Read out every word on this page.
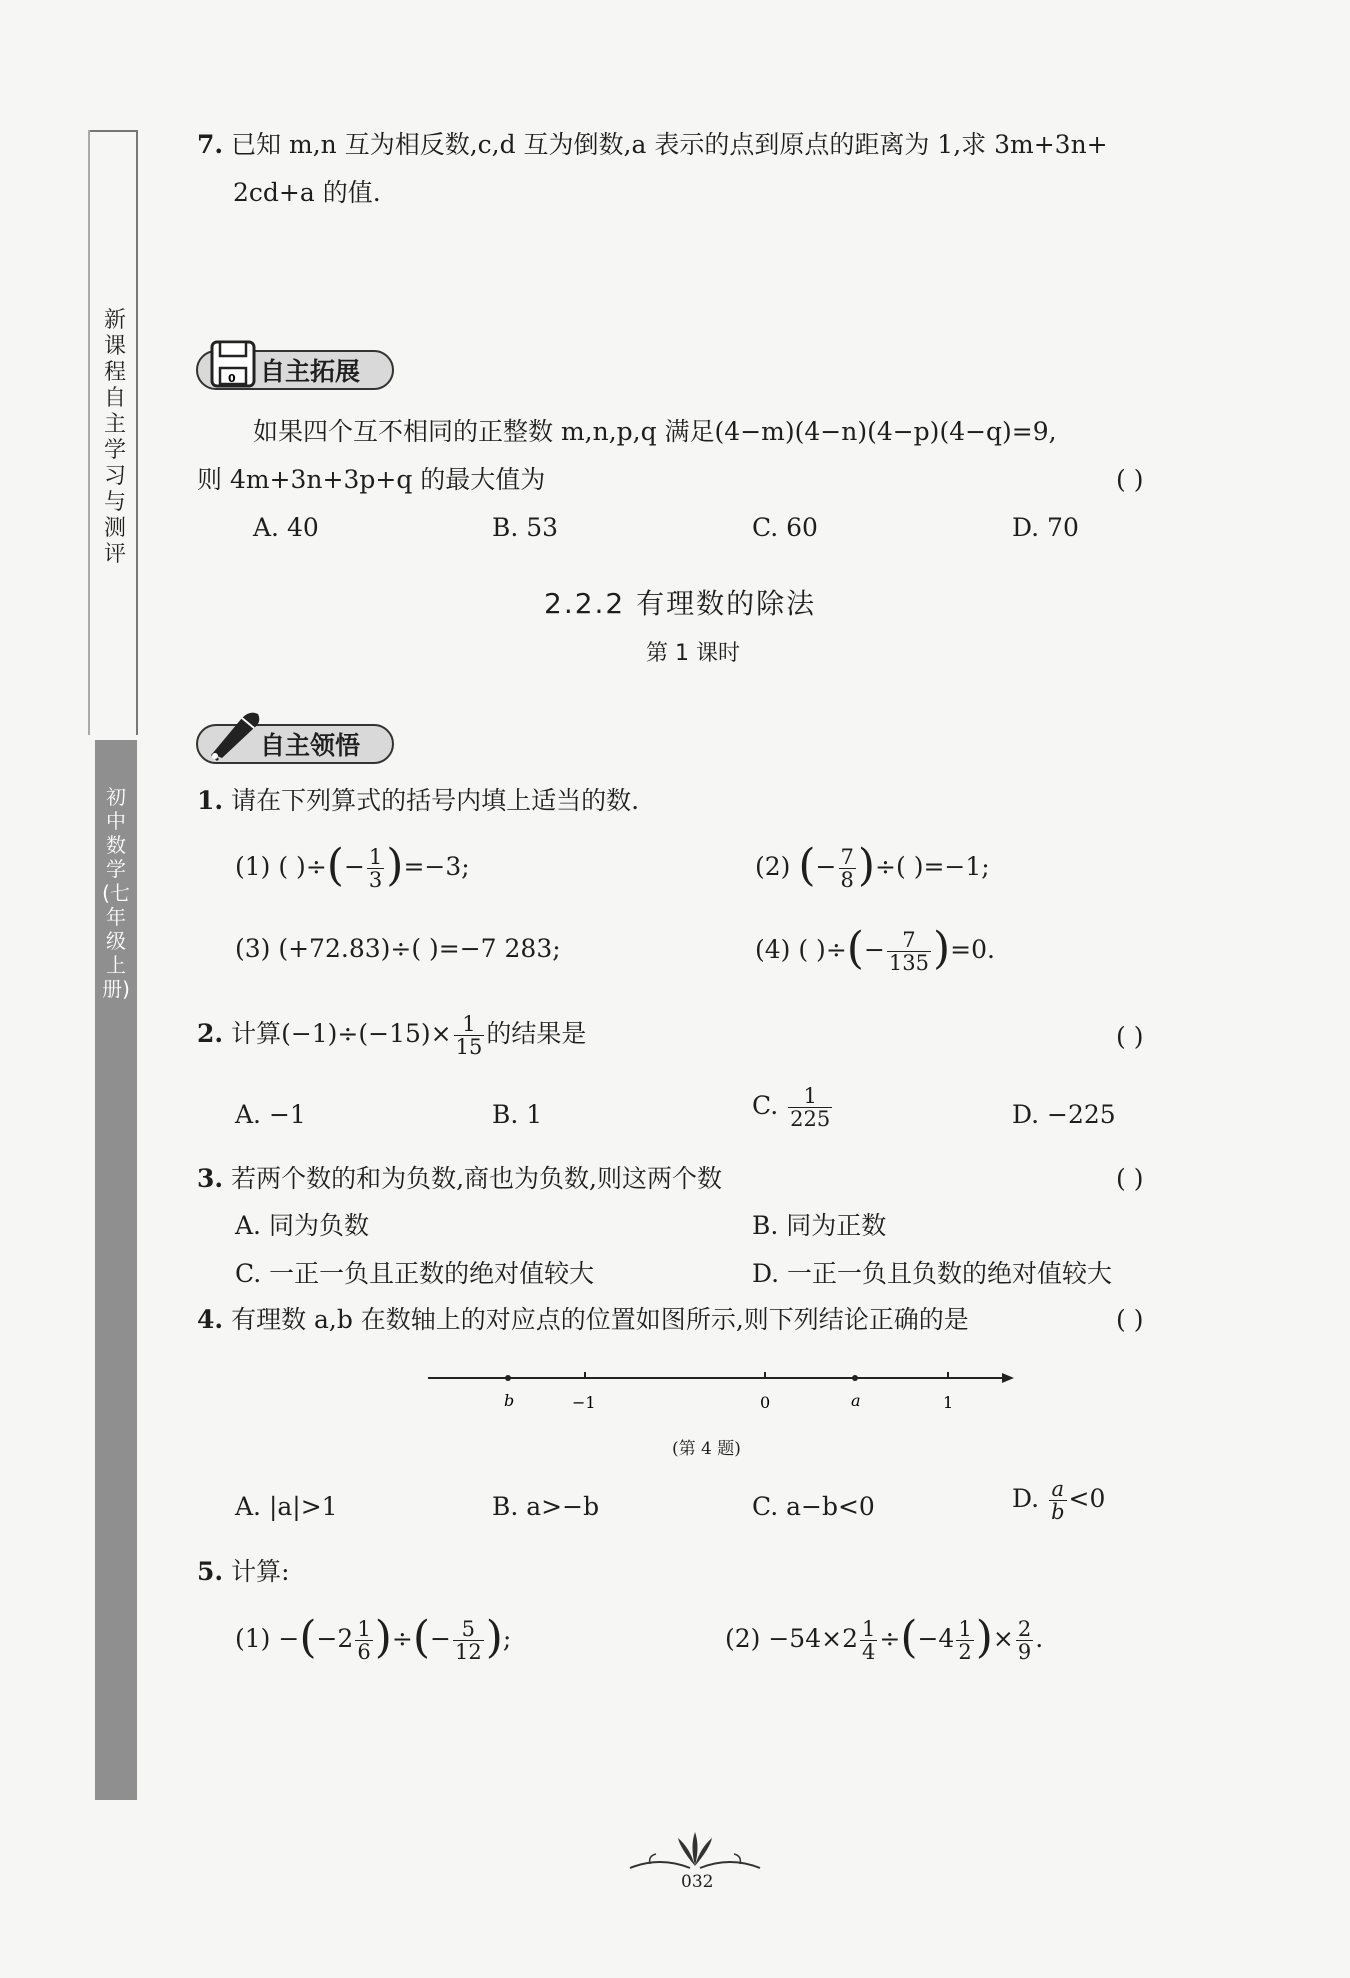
新课程自主学习与测评
初中数学(七年级上册)
7. 已知 m,n 互为相反数,c,d 互为倒数,a 表示的点到原点的距离为 1,求 3m+3n+
2cd+a 的值.
0 自主拓展
如果四个互不相同的正整数 m,n,p,q 满足(4−m)(4−n)(4−p)(4−q)=9,
则 4m+3n+3p+q 的最大值为	( )
A. 40	B. 53	C. 60	D. 70
2.2.2 有理数的除法
第 1 课时
自主领悟
1. 请在下列算式的括号内填上适当的数.
(1) ( )÷(− $\frac{1}{3} )=-3$;	(2) (− $\frac{7}{8}$ )÷( )=−1;
(3) (+72.83)÷( )=−7 283;	(4) ( )÷(− $\frac{7}{135} )=0$.
2. 计算$(-1)\div(-15)\times \frac{1}{15}$ 的结果是	( )
A. −1	B. 1	C. $\frac{1}{225}$	D. −225
3. 若两个数的和为负数,商也为负数,则这两个数	( )
A. 同为负数	B. 同为正数
C. 一正一负且正数的绝对值较大	D. 一正一负且负数的绝对值较大
4. 有理数 a,b 在数轴上的对应点的位置如图所示,则下列结论正确的是	( )
b	−1	0	a	1
(第 4 题)
A. |a|>1	B. a>−b	C. a−b<0	D. $\frac{a}{b} <0$
5. 计算:
$(1) -(-2 \frac{1}{6}$ )÷(− $\frac{5}{12}$ );	$(2) -54\times 2 \frac{1}{4} \div(-4 \frac{1}{2}$ )× $\frac{2}{9}$ .
032
